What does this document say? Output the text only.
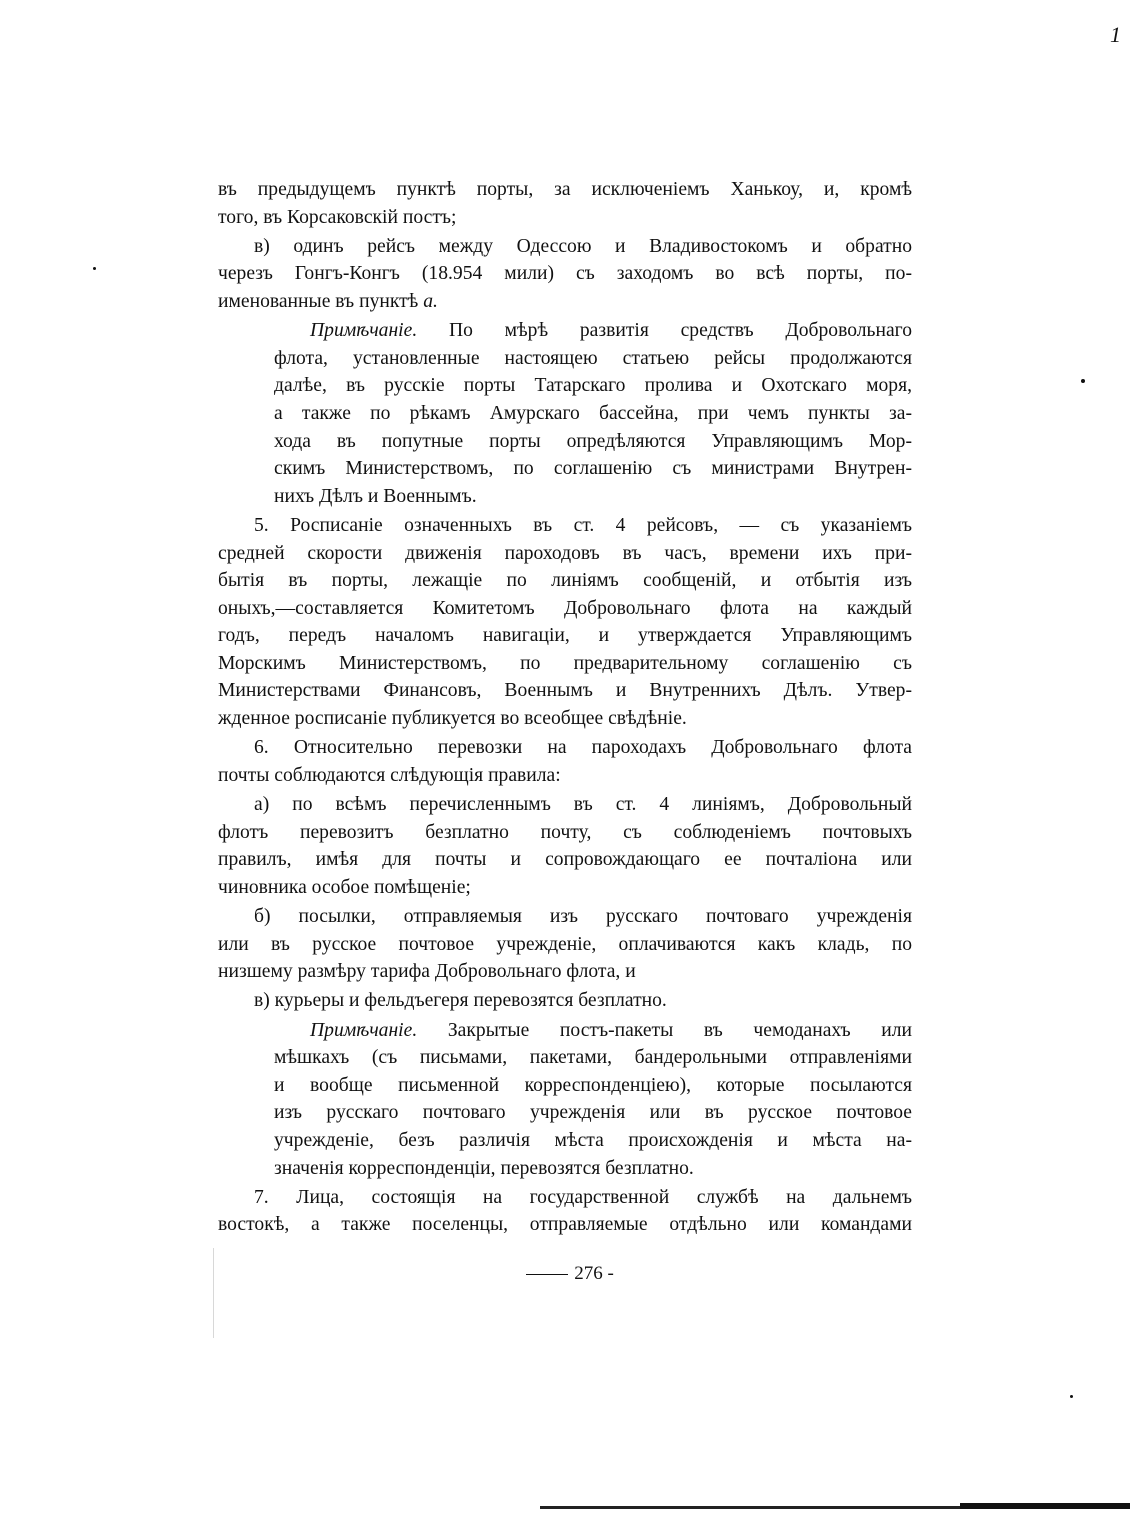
1

въ предыдущемъ пунктѣ порты, за исключеніемъ Ханькоу, и, кромѣ
того, въ Корсаковскій постъ;

в) одинъ рейсъ между Одессою и Владивостокомъ и обратно
черезъ Гонгъ-Конгъ (18.954 мили) съ заходомъ во всѣ порты, по-
именованные въ пунктѣ а.

Примѣчаніе. По мѣрѣ развитія средствъ Добровольнаго
флота, установленные настоящею статьею рейсы продолжаются
далѣе, въ русскіе порты Татарскаго пролива и Охотскаго моря,
а также по рѣкамъ Амурскаго бассейна, при чемъ пункты за-
хода въ попутные порты опредѣляются Управляющимъ Мор-
скимъ Министерствомъ, по соглашенію съ министрами Внутрен-
нихъ Дѣлъ и Военнымъ.

5. Росписаніе означенныхъ въ ст. 4 рейсовъ, — съ указаніемъ
средней скорости движенія пароходовъ въ часъ, времени ихъ при-
бытія въ порты, лежащіе по линіямъ сообщеній, и отбытія изъ
оныхъ,—составляется Комитетомъ Добровольнаго флота на каждый
годъ, передъ началомъ навигаціи, и утверждается Управляющимъ
Морскимъ Министерствомъ, по предварительному соглашенію съ
Министерствами Финансовъ, Военнымъ и Внутреннихъ Дѣлъ. Утвер-
жденное росписаніе публикуется во всеобщее свѣдѣніе.

6. Относительно перевозки на пароходахъ Добровольнаго флота
почты соблюдаются слѣдующія правила:

а) по всѣмъ перечисленнымъ въ ст. 4 линіямъ, Добровольный
флотъ перевозитъ безплатно почту, съ соблюденіемъ почтовыхъ
правилъ, имѣя для почты и сопровождающаго ее почталіона или
чиновника особое помѣщеніе;

б) посылки, отправляемыя изъ русскаго почтоваго учрежденія
или въ русское почтовое учрежденіе, оплачиваются какъ кладь, по
низшему размѣру тарифа Добровольнаго флота, и

в) курьеры и фельдъегеря перевозятся безплатно.

Примѣчаніе. Закрытые постъ-пакеты въ чемоданахъ или
мѣшкахъ (съ письмами, пакетами, бандерольными отправленіями
и вообще письменной корреспонденціею), которые посылаются
изъ русскаго почтоваго учрежденія или въ русское почтовое
учрежденіе, безъ различія мѣста происхожденія и мѣста на-
значенія корреспонденціи, перевозятся безплатно.

7. Лица, состоящія на государственной службѣ на дальнемъ
востокѣ, а также поселенцы, отправляемые отдѣльно или командами

276 -
